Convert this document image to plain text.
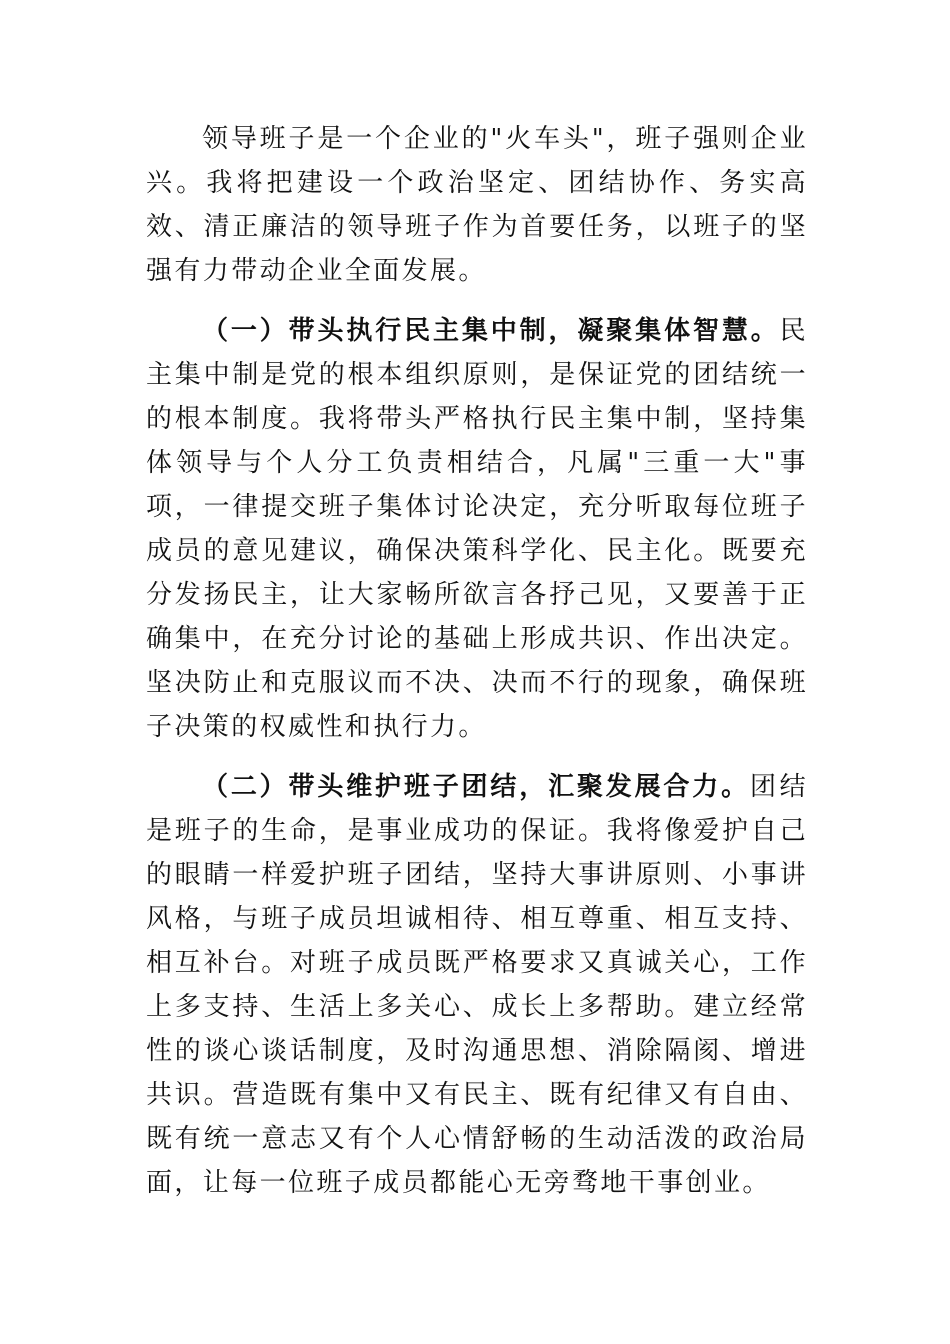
领导班子是一个企业的"火车头"，班子强则企业兴。我将把建设一个政治坚定、团结协作、务实高效、清正廉洁的领导班子作为首要任务，以班子的坚强有力带动企业全面发展。

（一）带头执行民主集中制，凝聚集体智慧。民主集中制是党的根本组织原则，是保证党的团结统一的根本制度。我将带头严格执行民主集中制，坚持集体领导与个人分工负责相结合，凡属"三重一大"事项，一律提交班子集体讨论决定，充分听取每位班子成员的意见建议，确保决策科学化、民主化。既要充分发扬民主，让大家畅所欲言各抒己见，又要善于正确集中，在充分讨论的基础上形成共识、作出决定。坚决防止和克服议而不决、决而不行的现象，确保班子决策的权威性和执行力。

（二）带头维护班子团结，汇聚发展合力。团结是班子的生命，是事业成功的保证。我将像爱护自己的眼睛一样爱护班子团结，坚持大事讲原则、小事讲风格，与班子成员坦诚相待、相互尊重、相互支持、相互补台。对班子成员既严格要求又真诚关心，工作上多支持、生活上多关心、成长上多帮助。建立经常性的谈心谈话制度，及时沟通思想、消除隔阂、增进共识。营造既有集中又有民主、既有纪律又有自由、既有统一意志又有个人心情舒畅的生动活泼的政治局面，让每一位班子成员都能心无旁骛地干事创业。
